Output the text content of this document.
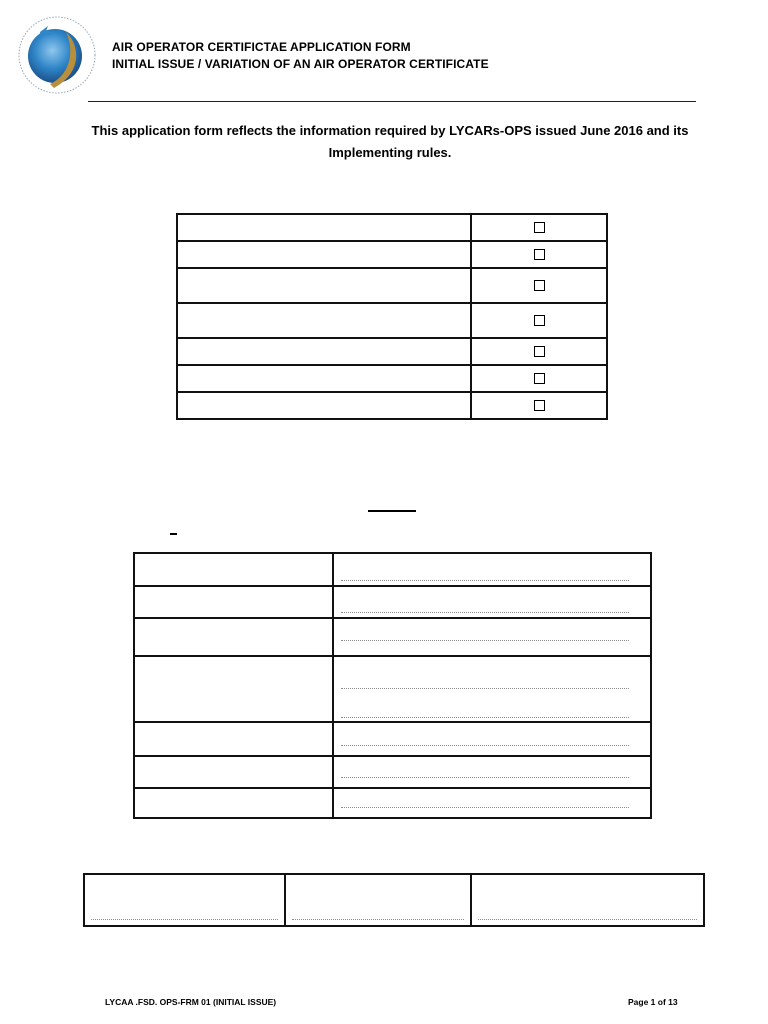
AIR OPERATOR CERTIFICTAE APPLICATION FORM
INITIAL ISSUE / VARIATION OF AN AIR OPERATOR CERTIFICATE
This application form reflects the information required by LYCARs-OPS issued June 2016 and its
Implementing rules.

LYCAA .FSD. OPS-FRM 01 (INITIAL ISSUE)	Page 1 of 13
